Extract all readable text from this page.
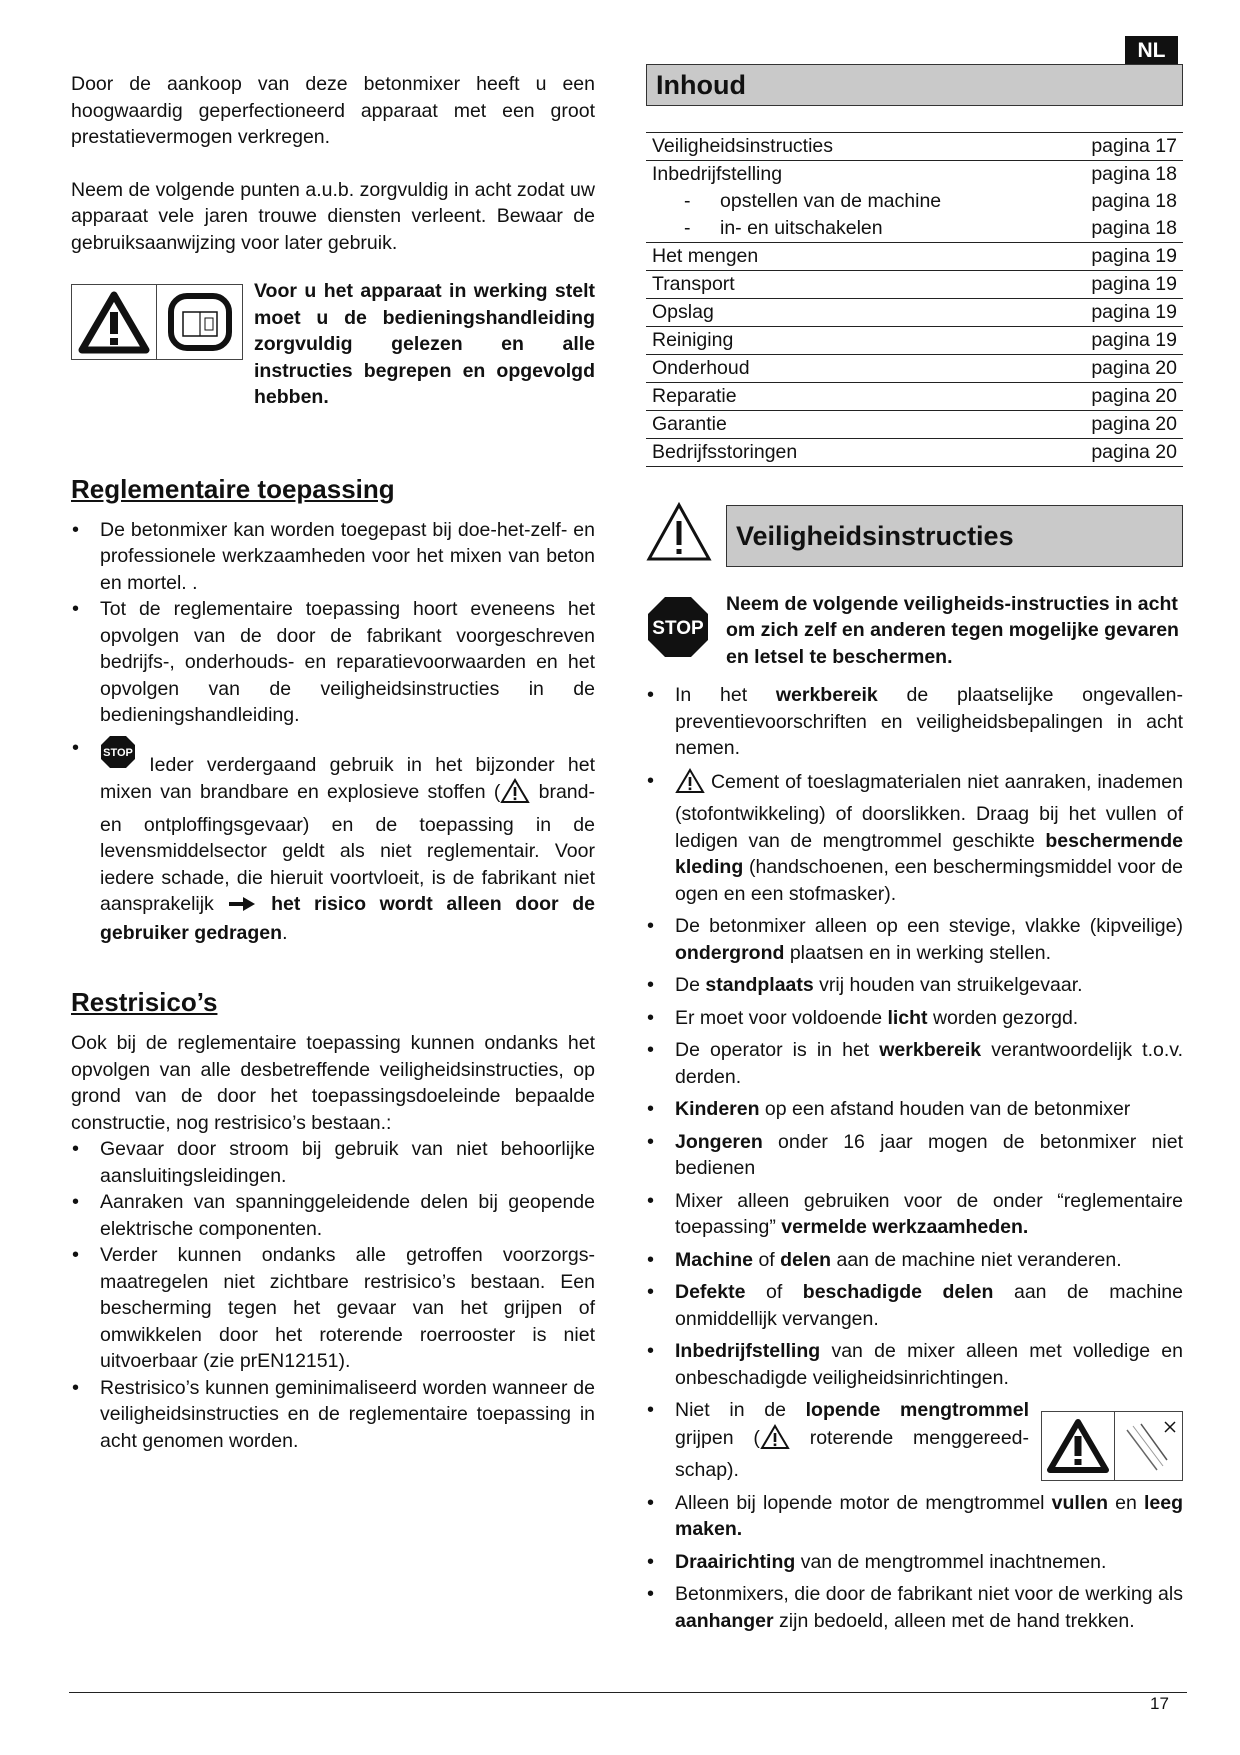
NL

Door de aankoop van deze betonmixer heeft u een hoogwaardig geperfectioneerd apparaat met een groot prestatievermogen verkregen.

Neem de volgende punten a.u.b. zorgvuldig in acht zodat uw apparaat vele jaren trouwe diensten verleent. Bewaar de gebruiksaanwijzing voor later gebruik.

Voor u het apparaat in werking stelt moet u de bedieningshandleiding zorgvuldig gelezen en alle instructies begrepen en opgevolgd hebben.

Reglementaire toepassing
• De betonmixer kan worden toegepast bij doe-het-zelf- en professionele werkzaamheden voor het mixen van beton en mortel. .
• Tot de reglementaire toepassing hoort eveneens het opvolgen van de door de fabrikant voorgeschreven bedrijfs-, onderhouds- en reparatievoorwaarden en het opvolgen van de veiligheidsinstructies in de bedieningshandleiding.
• STOP
Ieder verdergaand gebruik in het bijzonder het mixen van brandbare en explosieve stoffen ( brand- en ontploffingsgevaar) en de toepassing in de levensmiddelsector geldt als niet reglementair. Voor iedere schade, die hieruit voortvloeit, is de fabrikant niet aansprakelijk  het risico wordt alleen door de gebruiker gedragen.
Restrisico’s

Ook bij de reglementaire toepassing kunnen ondanks het opvolgen van alle desbetreffende veiligheidsinstructies, op grond van de door het toepassingsdoeleinde bepaalde constructie, nog restrisico’s bestaan.:

• Gevaar door stroom bij gebruik van niet behoorlijke aansluitingsleidingen.
• Aanraken van spanninggeleidende delen bij geopende elektrische componenten.
• Verder kunnen ondanks alle getroffen voorzorgs-maatregelen niet zichtbare restrisico’s bestaan. Een bescherming tegen het gevaar van het grijpen of omwikkelen door het roterende roerrooster is niet uitvoerbaar (zie prEN12151).
• Restrisico’s kunnen geminimaliseerd worden wanneer de veiligheidsinstructies en de reglementaire toepassing in acht genomen worden.
Inhoud
Veiligheidsinstructies	pagina 17
Inbedrijfstelling	pagina 18
- opstellen van de machine	pagina 18
- in- en uitschakelen	pagina 18
Het mengen	pagina 19
Transport	pagina 19
Opslag	pagina 19
Reiniging	pagina 19
Onderhoud	pagina 20
Reparatie	pagina 20
Garantie	pagina 20
Bedrijfsstoringen	pagina 20
Veiligheidsinstructies
STOP

Neem de volgende veiligheids-instructies in acht om zich zelf en anderen tegen mogelijke gevaren en letsel te beschermen.

• In het werkbereik de plaatselijke ongevallen-preventievoorschriften en veiligheidsbepalingen in acht nemen.
• Cement of toeslagmaterialen niet aanraken, inademen (stofontwikkeling) of doorslikken. Draag bij het vullen of ledigen van de mengtrommel geschikte beschermende kleding (handschoenen, een beschermingsmiddel voor de ogen en een stofmasker).
• De betonmixer alleen op een stevige, vlakke (kipveilige) ondergrond plaatsen en in werking stellen.
• De standplaats vrij houden van struikelgevaar.
• Er moet voor voldoende licht worden gezorgd.
• De operator is in het werkbereik verantwoordelijk t.o.v. derden.
• Kinderen op een afstand houden van de betonmixer
• Jongeren onder 16 jaar mogen de betonmixer niet bedienen
• Mixer alleen gebruiken voor de onder “reglementaire toepassing” vermelde werkzaamheden.
• Machine of delen aan de machine niet veranderen.
• Defekte of beschadigde delen aan de machine onmiddellijk vervangen.
• Inbedrijfstelling van de mixer alleen met volledige en onbeschadigde veiligheidsinrichtingen.
• Niet in de lopende mengtrommel grijpen ( roterende menggereed-schap).
• Alleen bij lopende motor de mengtrommel vullen en leeg maken.
• Draairichting van de mengtrommel inachtnemen.
• Betonmixers, die door de fabrikant niet voor de werking als aanhanger zijn bedoeld, alleen met de hand trekken.
17
